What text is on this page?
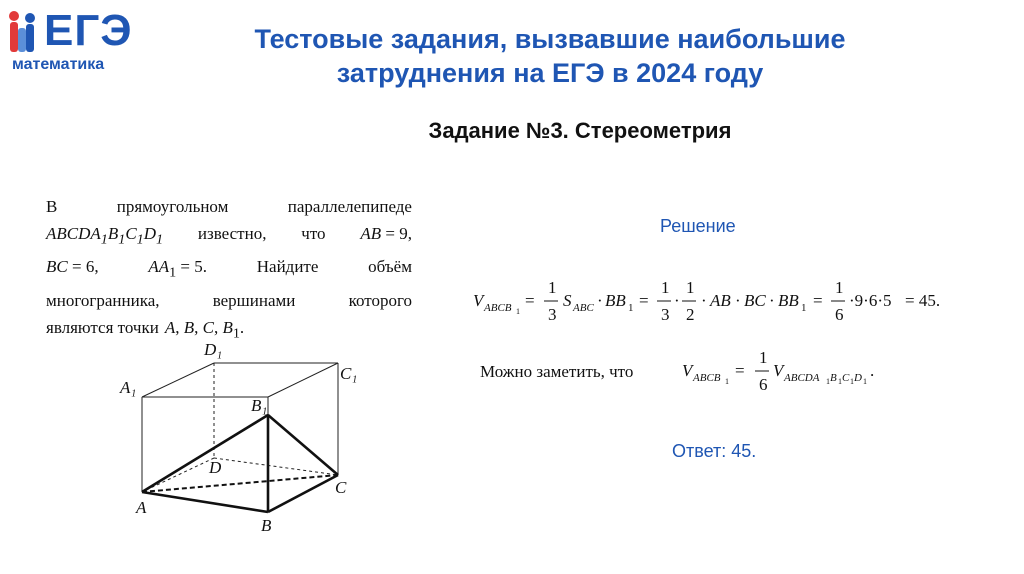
ЕГЭ
математика
Тестовые задания, вызвавшие наибольшие
затруднения на ЕГЭ в 2024 году
Задание №3. Стереометрия
В	прямоугольном	параллелепипеде
$ABCDA_1B_1C_1D_1$ известно, что AB = 9,
BC = 6,	$AA_1 = 5$.	Найдите	объём
многогранника,	вершинами	которого
являются точки A, B, C, $B_1$.
D₁
A₁
C₁
B₁
D
A
B
C
Решение
V ABCB 1
=
1
3
S ABC · BB 1 =
1
3
·
1
2
· AB · BC · BB 1 =
1
6
·9·6·5 = 45.
Можно заметить, что	V ABCB 1
=
1
6
V ABCDA 1 B 1 C 1 D 1
.
Ответ: 45.
